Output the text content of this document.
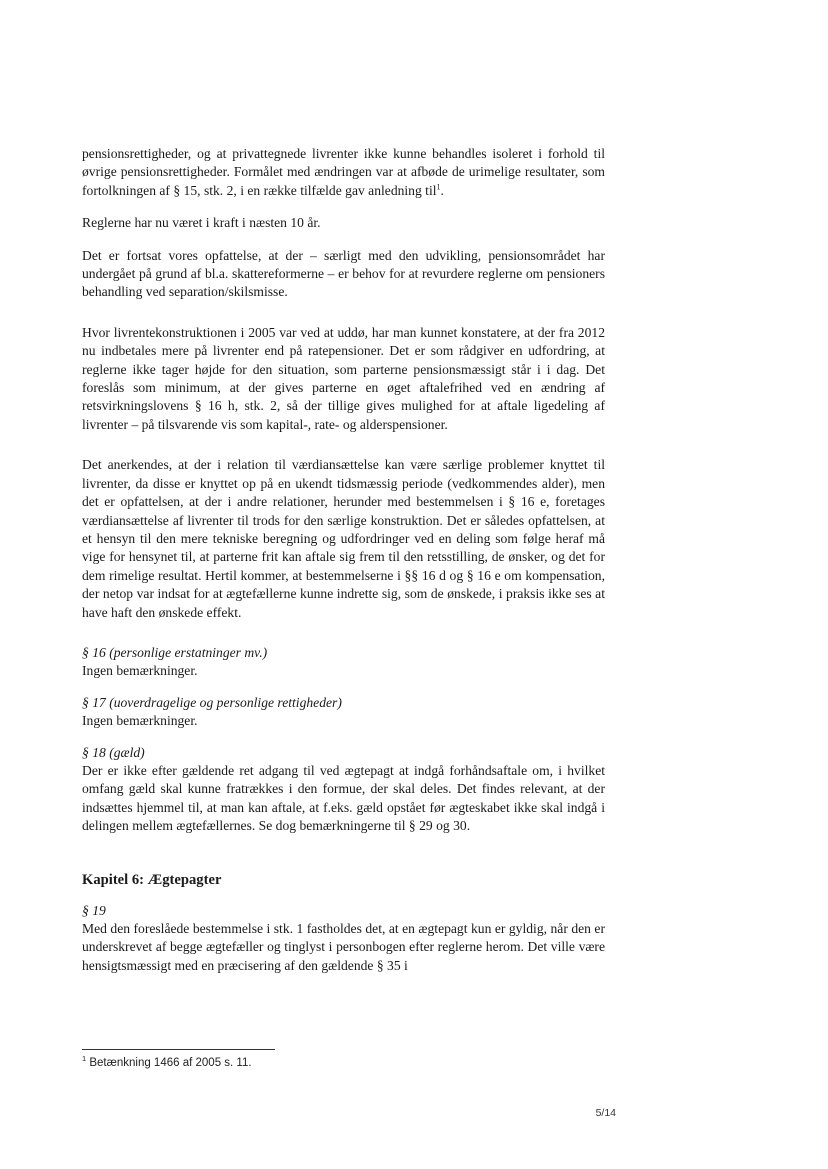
pensionsrettigheder, og at privattegnede livrenter ikke kunne behandles isoleret i forhold til øvrige pensionsrettigheder. Formålet med ændringen var at afbøde de urimelige resultater, som fortolkningen af § 15, stk. 2, i en række tilfælde gav anledning til$^1$.

Reglerne har nu været i kraft i næsten 10 år.

Det er fortsat vores opfattelse, at der – særligt med den udvikling, pensionsområdet har undergået på grund af bl.a. skattereformerne – er behov for at revurdere reglerne om pensioners behandling ved separation/skilsmisse.

Hvor livrentekonstruktionen i 2005 var ved at uddø, har man kunnet konstatere, at der fra 2012 nu indbetales mere på livrenter end på ratepensioner. Det er som rådgiver en udfordring, at reglerne ikke tager højde for den situation, som parterne pensionsmæssigt står i i dag. Det foreslås som minimum, at der gives parterne en øget aftalefrihed ved en ændring af retsvirkningslovens § 16 h, stk. 2, så der tillige gives mulighed for at aftale ligedeling af livrenter – på tilsvarende vis som kapital-, rate- og alderspensioner.

Det anerkendes, at der i relation til værdiansættelse kan være særlige problemer knyttet til livrenter, da disse er knyttet op på en ukendt tidsmæssig periode (vedkommendes alder), men det er opfattelsen, at der i andre relationer, herunder med bestemmelsen i § 16 e, foretages værdiansættelse af livrenter til trods for den særlige konstruktion. Det er således opfattelsen, at et hensyn til den mere tekniske beregning og udfordringer ved en deling som følge heraf må vige for hensynet til, at parterne frit kan aftale sig frem til den retsstilling, de ønsker, og det for dem rimelige resultat. Hertil kommer, at bestemmelserne i §§ 16 d og § 16 e om kompensation, der netop var indsat for at ægtefællerne kunne indrette sig, som de ønskede, i praksis ikke ses at have haft den ønskede effekt.

§ 16 (personlige erstatninger mv.)

Ingen bemærkninger.

§ 17 (uoverdragelige og personlige rettigheder)

Ingen bemærkninger.

§ 18 (gæld)

Der er ikke efter gældende ret adgang til ved ægtepagt at indgå forhåndsaftale om, i hvilket omfang gæld skal kunne fratrækkes i den formue, der skal deles. Det findes relevant, at der indsættes hjemmel til, at man kan aftale, at f.eks. gæld opstået før ægteskabet ikke skal indgå i delingen mellem ægtefællernes. Se dog bemærkningerne til § 29 og 30.

Kapitel 6: Ægtepagter

§ 19

Med den foreslåede bestemmelse i stk. 1 fastholdes det, at en ægtepagt kun er gyldig, når den er underskrevet af begge ægtefæller og tinglyst i personbogen efter reglerne herom. Det ville være hensigtsmæssigt med en præcisering af den gældende § 35 i

$^1$ Betænkning 1466 af 2005 s. 11.
5/14
